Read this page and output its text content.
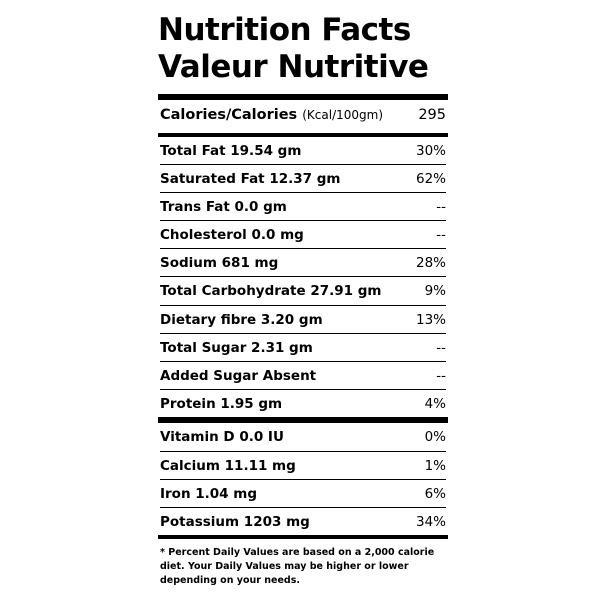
Nutrition Facts
Valeur Nutritive
Calories/Calories (Kcal/100gm)	295
Total Fat 19.54 gm	30%
Saturated Fat 12.37 gm	62%
Trans Fat 0.0 gm	--
Cholesterol 0.0 mg	--
Sodium 681 mg	28%
Total Carbohydrate 27.91 gm	9%
Dietary fibre 3.20 gm	13%
Total Sugar 2.31 gm	--
Added Sugar Absent	--
Protein 1.95 gm	4%
Vitamin D 0.0 IU	0%
Calcium 11.11 mg	1%
Iron 1.04 mg	6%
Potassium 1203 mg	34%
* Percent Daily Values are based on a 2,000 calorie diet. Your Daily Values may be higher or lower depending on your needs.
